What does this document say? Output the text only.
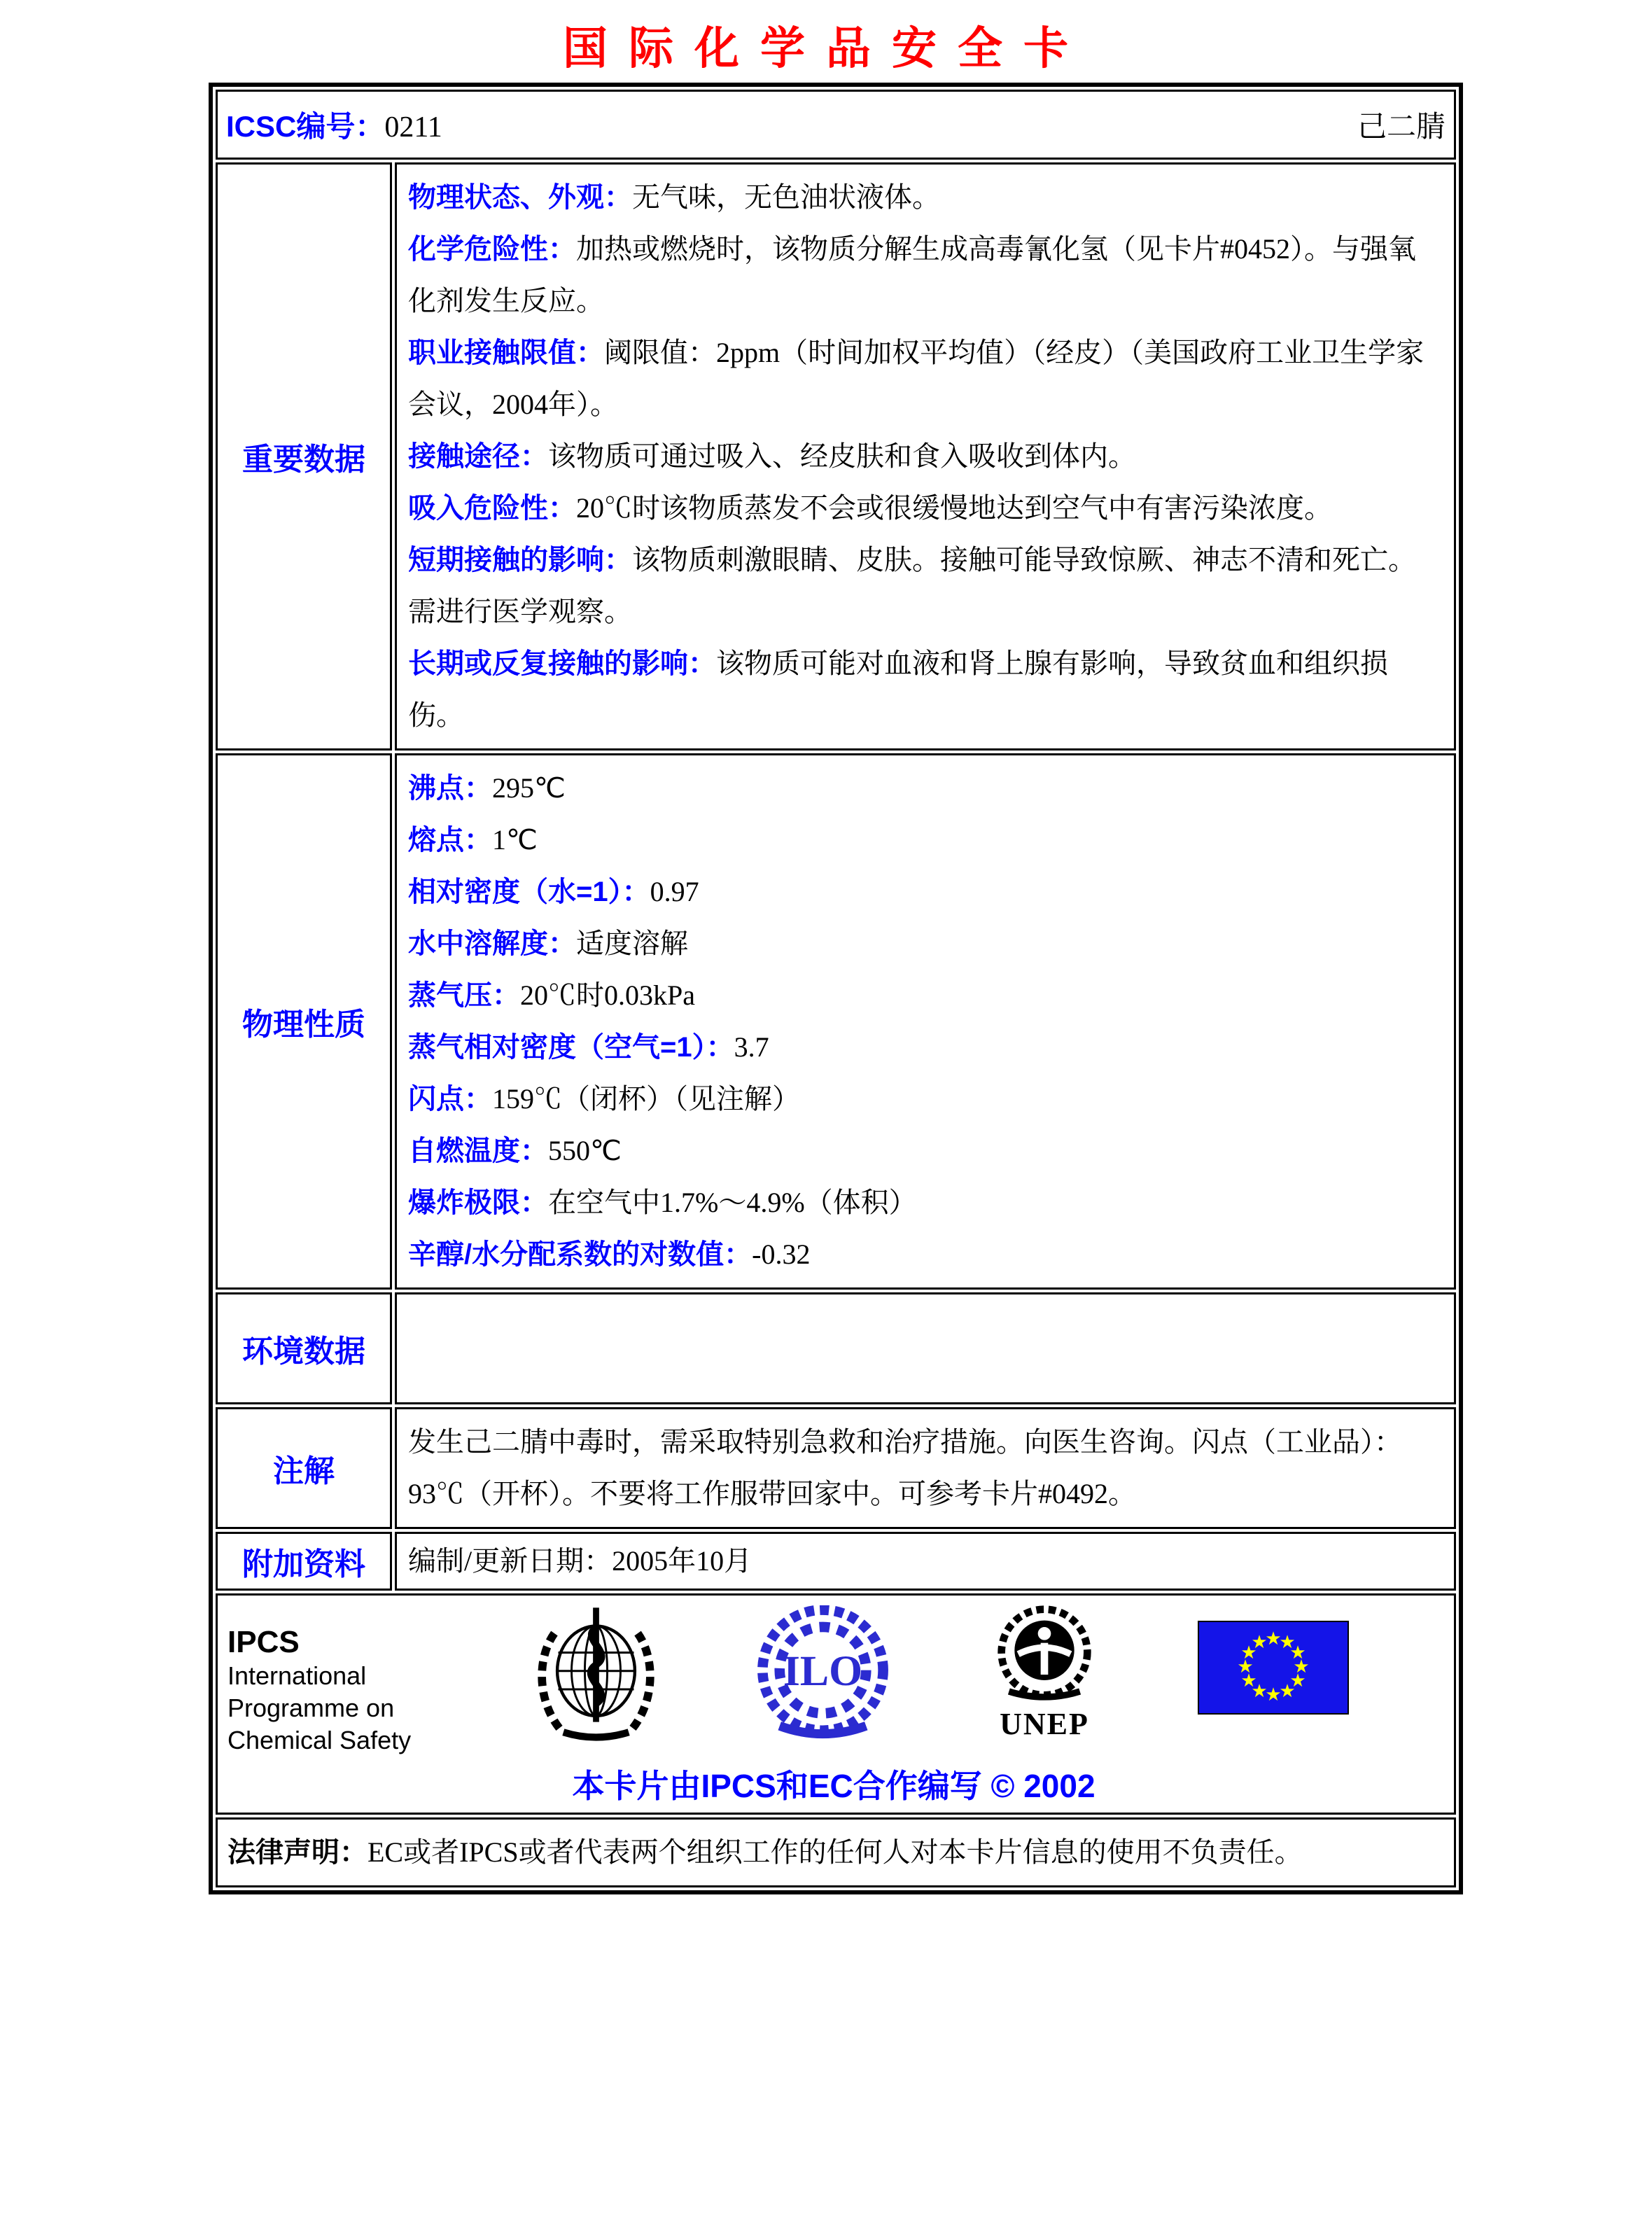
国际化学品安全卡
ICSC编号：0211	己二腈
重要数据
物理状态、外观：无气味，无色油状液体。
化学危险性：加热或燃烧时，该物质分解生成高毒氰化氢（见卡片#0452）。与强氧化剂发生反应。
职业接触限值：阈限值：2ppm（时间加权平均值）（经皮）（美国政府工业卫生学家会议，2004年）。
接触途径：该物质可通过吸入、经皮肤和食入吸收到体内。
吸入危险性：20℃时该物质蒸发不会或很缓慢地达到空气中有害污染浓度。
短期接触的影响：该物质刺激眼睛、皮肤。接触可能导致惊厥、神志不清和死亡。需进行医学观察。
长期或反复接触的影响：该物质可能对血液和肾上腺有影响，导致贫血和组织损伤。
物理性质
沸点：295℃
熔点：1℃
相对密度（水=1）：0.97
水中溶解度：适度溶解
蒸气压：20℃时0.03kPa
蒸气相对密度（空气=1）：3.7
闪点：159℃（闭杯）（见注解）
自燃温度：550℃
爆炸极限：在空气中1.7%～4.9%（体积）
辛醇/水分配系数的对数值：-0.32
环境数据
注解
发生己二腈中毒时，需采取特别急救和治疗措施。向医生咨询。闪点（工业品）：93℃（开杯）。不要将工作服带回家中。可参考卡片#0492。
附加资料	编制/更新日期：2005年10月
IPCS
International
Programme on
Chemical Safety
ILO
UNEP
★
★
★
★
★
★
★
★
★
★
★
★
本卡片由IPCS和EC合作编写 © 2002
法律声明：EC或者IPCS或者代表两个组织工作的任何人对本卡片信息的使用不负责任。
